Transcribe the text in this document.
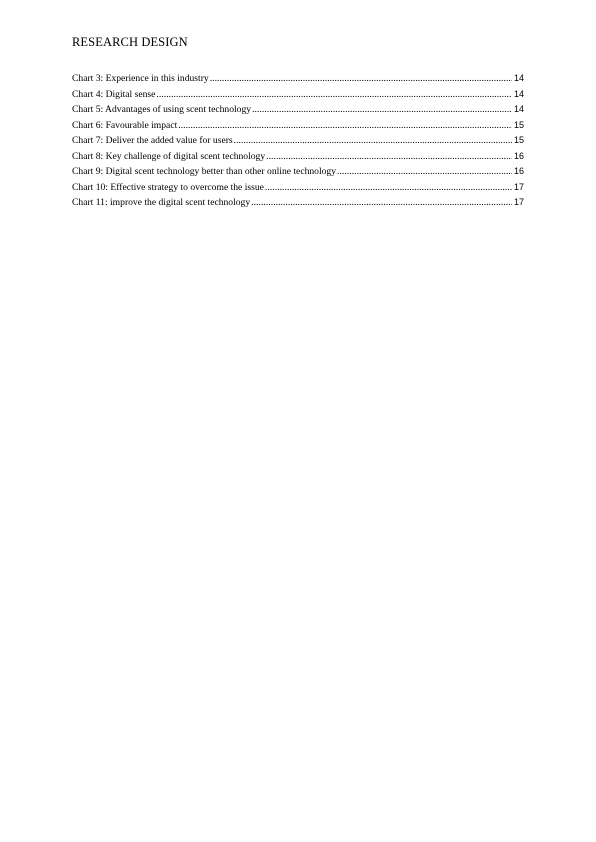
RESEARCH DESIGN
Chart 3: Experience in this industry .....	14
Chart 4: Digital sense .....	14
Chart 5: Advantages of using scent technology .....	14
Chart 6: Favourable impact .....	15
Chart 7: Deliver the added value for users .....	15
Chart 8: Key challenge of digital scent technology .....	16
Chart 9: Digital scent technology better than other online technology .....	16
Chart 10: Effective strategy to overcome the issue .....	17
Chart 11: improve the digital scent technology .....	17
